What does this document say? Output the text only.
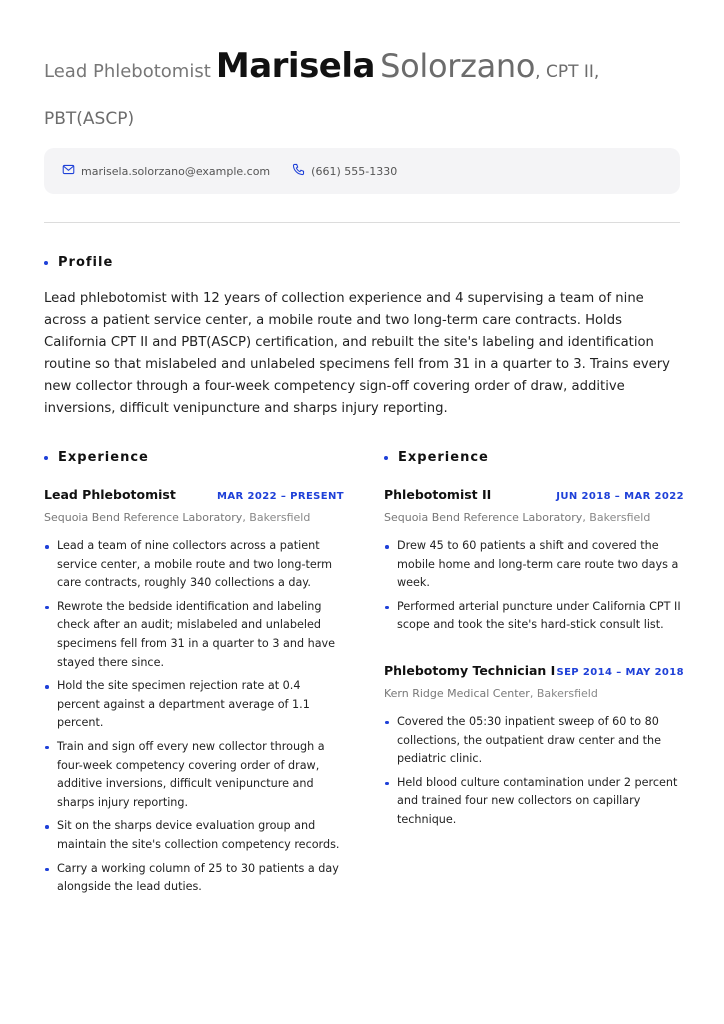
Lead Phlebotomist Marisela Solorzano, CPT II,
PBT(ASCP)
marisela.solorzano@example.com	(661) 555-1330
Profile

Lead phlebotomist with 12 years of collection experience and 4 supervising a team of nine across a patient service center, a mobile route and two long-term care contracts. Holds California CPT II and PBT(ASCP) certification, and rebuilt the site's labeling and identification routine so that mislabeled and unlabeled specimens fell from 31 in a quarter to 3. Trains every new collector through a four-week competency sign-off covering order of draw, additive inversions, difficult venipuncture and sharps injury reporting.

Experience
Lead Phlebotomist	MAR 2022 – PRESENT
Sequoia Bend Reference Laboratory, Bakersfield
Lead a team of nine collectors across a patient service center, a mobile route and two long-term care contracts, roughly 340 collections a day.
Rewrote the bedside identification and labeling check after an audit; mislabeled and unlabeled specimens fell from 31 in a quarter to 3 and have stayed there since.
Hold the site specimen rejection rate at 0.4 percent against a department average of 1.1 percent.
Train and sign off every new collector through a four-week competency covering order of draw, additive inversions, difficult venipuncture and sharps injury reporting.
Sit on the sharps device evaluation group and maintain the site's collection competency records.
Carry a working column of 25 to 30 patients a day alongside the lead duties.
Experience
Phlebotomist II	JUN 2018 – MAR 2022
Sequoia Bend Reference Laboratory, Bakersfield
Drew 45 to 60 patients a shift and covered the mobile home and long-term care route two days a week.
Performed arterial puncture under California CPT II scope and took the site's hard-stick consult list.
Phlebotomy Technician I SEP 2014 – MAY 2018
Kern Ridge Medical Center, Bakersfield
Covered the 05:30 inpatient sweep of 60 to 80 collections, the outpatient draw center and the pediatric clinic.
Held blood culture contamination under 2 percent and trained four new collectors on capillary technique.
